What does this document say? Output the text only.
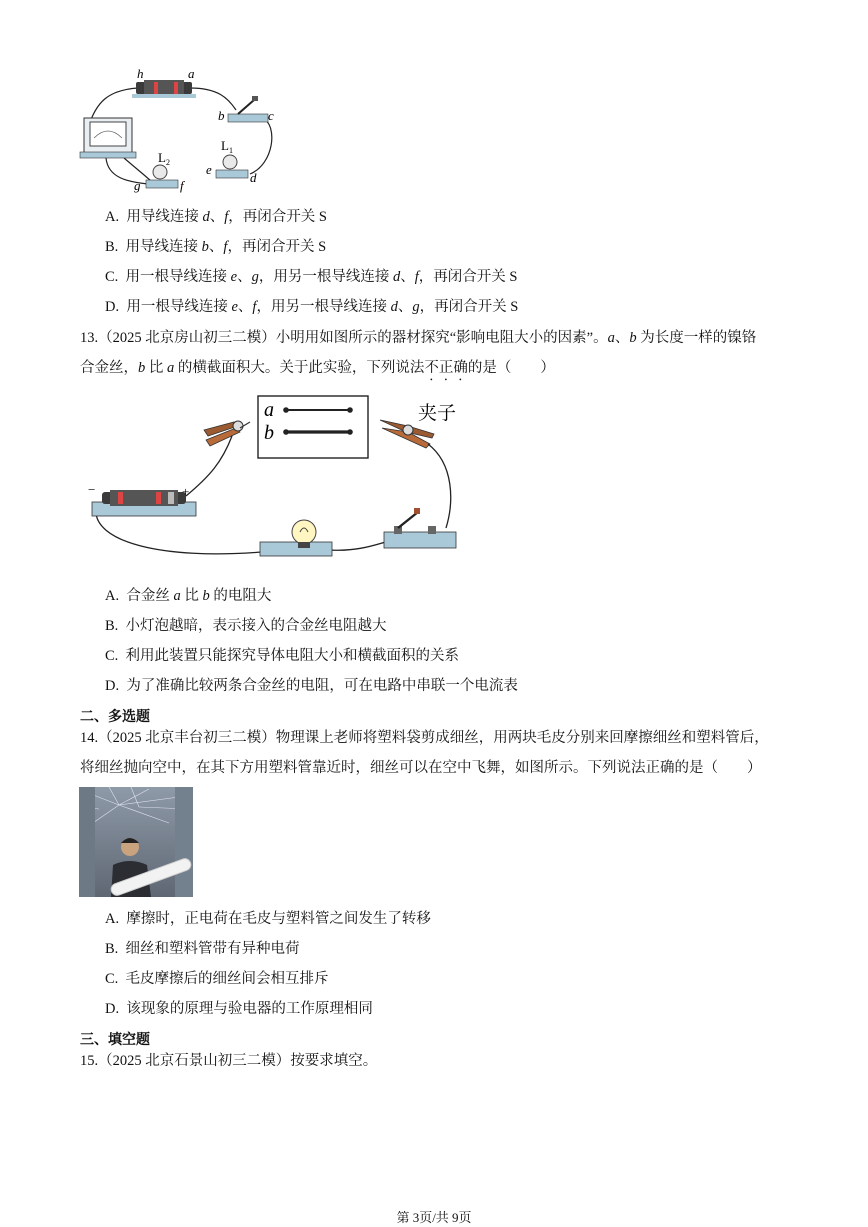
h	a
b	c
$L_2$
$L_1$
g	f
e
d
A. 用导线连接 d、f，再闭合开关 S
B. 用导线连接 b、f，再闭合开关 S
C. 用一根导线连接 e、g，用另一根导线连接 d、f，再闭合开关 S
D. 用一根导线连接 e、f，用另一根导线连接 d、g，再闭合开关 S
13.（2025 北京房山初三二模）小明用如图所示的器材探究“影响电阻大小的因素”。a、b 为长度一样的镍铬
合金丝，b 比 a 的横截面积大。关于此实验，下列说法不正确的是（　　）
a
b
夹子
−	+
A. 合金丝 a 比 b 的电阻大
B. 小灯泡越暗，表示接入的合金丝电阻越大
C. 利用此装置只能探究导体电阻大小和横截面积的关系
D. 为了准确比较两条合金丝的电阻，可在电路中串联一个电流表
二、多选题
14.（2025 北京丰台初三二模）物理课上老师将塑料袋剪成细丝，用两块毛皮分别来回摩擦细丝和塑料管后，
将细丝抛向空中，在其下方用塑料管靠近时，细丝可以在空中飞舞，如图所示。下列说法正确的是（　　）
A. 摩擦时，正电荷在毛皮与塑料管之间发生了转移
B. 细丝和塑料管带有异种电荷
C. 毛皮摩擦后的细丝间会相互排斥
D. 该现象的原理与验电器的工作原理相同
三、填空题
15.（2025 北京石景山初三二模）按要求填空。
第 3页/共 9页
